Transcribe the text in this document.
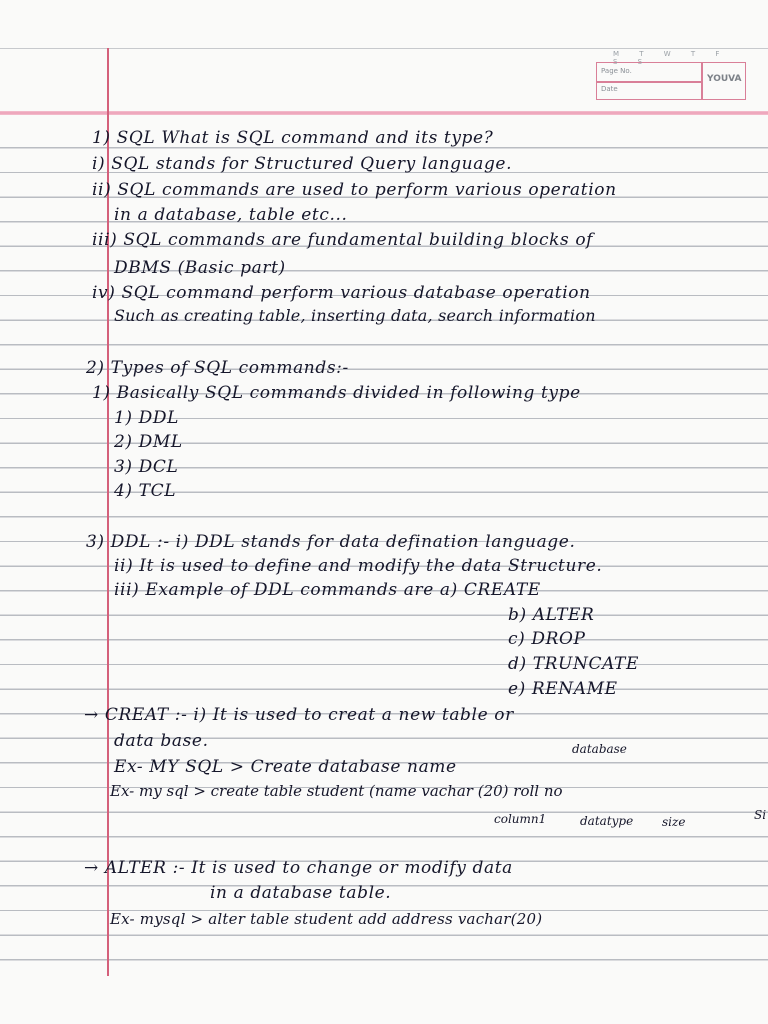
M T W T F S S
Page No.
Date
YOUVA
1) SQL What is SQL command and its type?
i) SQL stands for Structured Query language.
ii) SQL commands are used to perform various operation
in a database, table etc...
iii) SQL commands are fundamental building blocks of
DBMS (Basic part)
iv) SQL command perform various database operation
Such as creating table, inserting data, search information
2) Types of SQL commands:-
1) Basically SQL commands divided in following type
1) DDL
2) DML
3) DCL
4) TCL
3) DDL :- i) DDL stands for data defination language.
ii) It is used to define and modify the data Structure.
iii) Example of DDL commands are a) CREATE
b) ALTER
c) DROP
d) TRUNCATE
e) RENAME
→ CREAT :- i) It is used to creat a new table or
data base.	database
Ex- MY SQL > Create database name
Ex- my sql > create table student (name vachar (20) roll no
column1	datatype size	Si
→ ALTER :- It is used to change or modify data
in a database table.
Ex- mysql > alter table student add address vachar(20)
